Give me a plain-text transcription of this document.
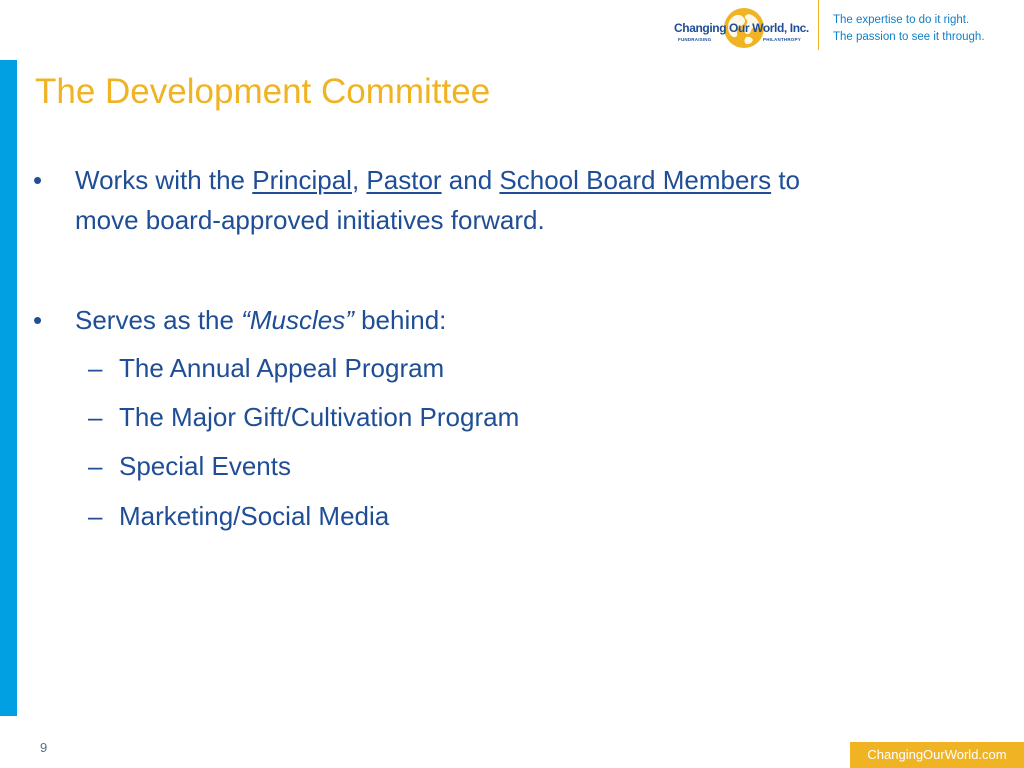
Changing Our World, Inc.
FUNDRAISING	PHILANTHROPY
The expertise to do it right.
The passion to see it through.
The Development Committee
• Works with the Principal, Pastor and School Board Members to
move board-approved initiatives forward.
• Serves as the “Muscles” behind:
– The Annual Appeal Program
– The Major Gift/Cultivation Program
– Special Events
– Marketing/Social Media
9	ChangingOurWorld.com
